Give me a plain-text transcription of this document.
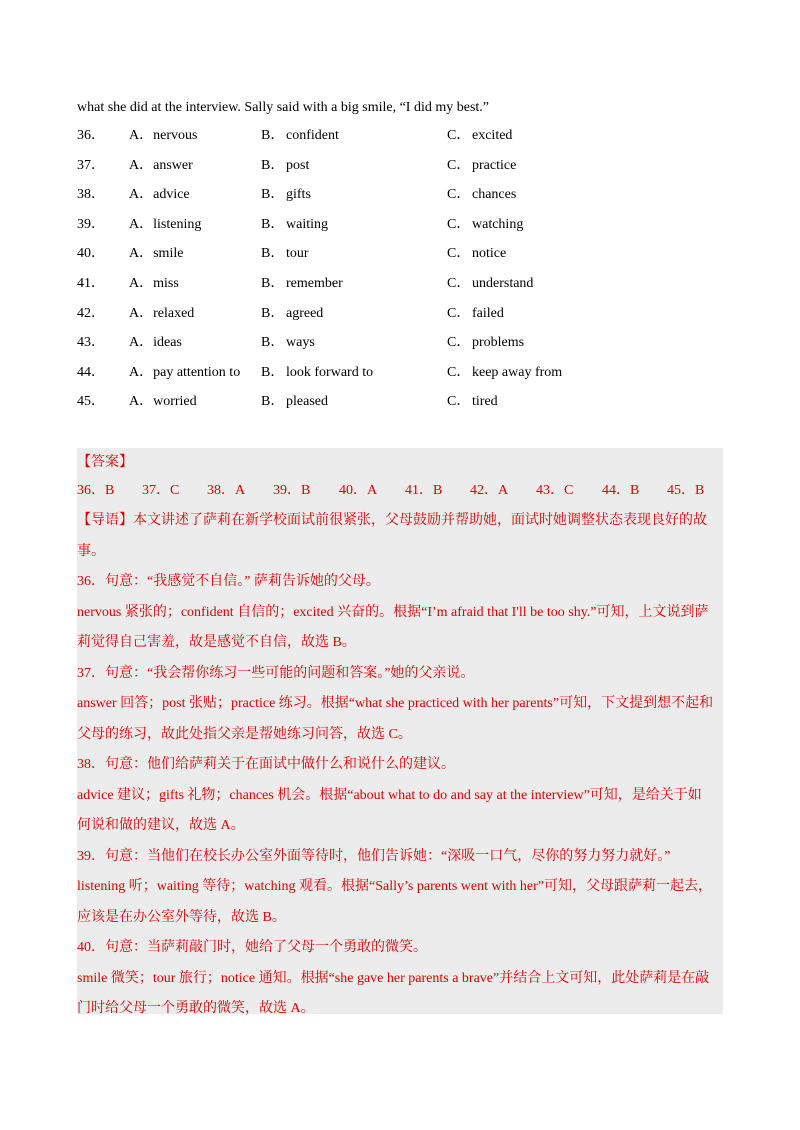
what she did at the interview. Sally said with a big smile, “I did my best.”
36． A．nervous	B． confident	C． excited
37． A．answer	B． post	C． practice
38． A．advice	B． gifts	C． chances
39． A．listening	B． waiting	C． watching
40． A．smile	B． tour	C． notice
41． A．miss	B． remember	C． understand
42． A．relaxed	B． agreed	C． failed
43． A．ideas	B． ways	C． problems
44． A．pay attention to B． look forward to	C． keep away from
45． A．worried	B． pleased	C． tired
【答案】
36．B 37．C 38．A 39．B 40．A 41．B 42．A 43．C 44．B 45．B
【导语】本文讲述了萨莉在新学校面试前很紧张，父母鼓励并帮助她，面试时她调整状态表现良好的故
事。
36．句意：“我感觉不自信。” 萨莉告诉她的父母。
nervous 紧张的；confident 自信的；excited 兴奋的。根据“I’m afraid that I'll be too shy.”可知，上文说到萨
莉觉得自己害羞，故是感觉不自信，故选 B。
37．句意：“我会帮你练习一些可能的问题和答案。”她的父亲说。
answer 回答；post 张贴；practice 练习。根据“what she practiced with her parents”可知，下文提到想不起和
父母的练习，故此处指父亲是帮她练习问答，故选 C。
38．句意：他们给萨莉关于在面试中做什么和说什么的建议。
advice 建议；gifts 礼物；chances 机会。根据“about what to do and say at the interview”可知，是给关于如
何说和做的建议，故选 A。
39．句意：当他们在校长办公室外面等待时，他们告诉她：“深吸一口气，尽你的努力努力就好。”
listening 听；waiting 等待；watching 观看。根据“Sally’s parents went with her”可知，父母跟萨莉一起去，
应该是在办公室外等待，故选 B。
40．句意：当萨莉敲门时，她给了父母一个勇敢的微笑。
smile 微笑；tour 旅行；notice 通知。根据“she gave her parents a brave”并结合上文可知，此处萨莉是在敲
门时给父母一个勇敢的微笑，故选 A。
